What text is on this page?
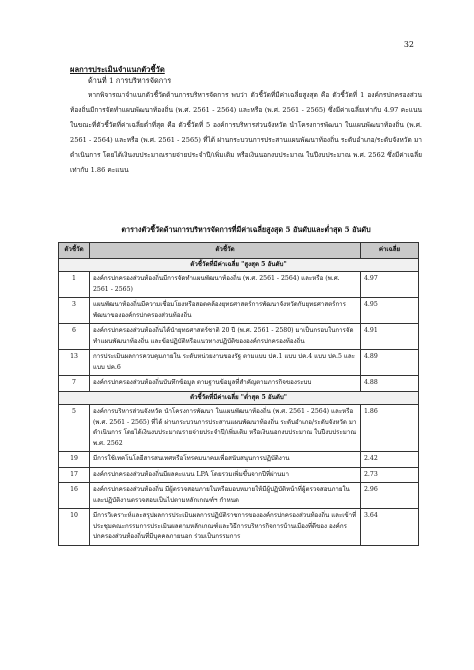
32
ผลการประเมินจำแนกตัวชี้วัด
ด้านที่ 1 การบริหารจัดการ

หากพิจารณาจำแนกตัวชี้วัดด้านการบริหารจัดการ พบว่า ตัวชี้วัดที่มีค่าเฉลี่ยสูงสุด คือ ตัวชี้วัดที่ 1 องค์กรปกครองส่วนท้องถิ่นมีการจัดทำแผนพัฒนาท้องถิ่น (พ.ศ. 2561 - 2564) และหรือ (พ.ศ. 2561 - 2565) ซึ่งมีค่าเฉลี่ยเท่ากับ 4.97 คะแนน ในขณะที่ตัวชี้วัดที่ค่าเฉลี่ยต่ำที่สุด คือ ตัวชี้วัดที่ 5 องค์การบริหารส่วนจังหวัด นำโครงการพัฒนา ในแผนพัฒนาท้องถิ่น (พ.ศ. 2561 - 2564) และหรือ (พ.ศ. 2561 - 2565) ที่ได้ ผ่านกระบวนการประสานแผนพัฒนาท้องถิ่น ระดับอำเภอ/ระดับจังหวัด มาดำเนินการ โดยได้เงินงบประมาณรายจ่ายประจำปี/เพิ่มเติม หรือเงินนอกงบประมาณ ในปีงบประมาณ พ.ศ. 2562 ซึ่งมีค่าเฉลี่ยเท่ากับ 1.86 คะแนน

ตารางตัวชี้วัดด้านการบริหารจัดการที่มีค่าเฉลี่ยสูงสุด 5 อันดับและต่ำสุด 5 อันดับ
ตัวชี้วัด	ตัวชี้วัด	ค่าเฉลี่ย
ตัวชี้วัดที่มีค่าเฉลี่ย "สูงสุด 5 อันดับ"		
1	องค์กรปกครองส่วนท้องถิ่นมีการจัดทำแผนพัฒนาท้องถิ่น (พ.ศ. 2561 - 2564) และหรือ (พ.ศ. 2561 - 2565)	4.97
3	แผนพัฒนาท้องถิ่นมีความเชื่อมโยงหรือสอดคล้องยุทธศาสตร์การพัฒนาจังหวัดกับยุทธศาสตร์การพัฒนาขององค์กรปกครองส่วนท้องถิ่น	4.95
6	องค์กรปกครองส่วนท้องถิ่นได้นำยุทธศาสตร์ชาติ 20 ปี (พ.ศ. 2561 - 2580) มาเป็นกรอบในการจัดทำแผนพัฒนาท้องถิ่น และข้อปฏิบัติหรือแนวทางปฏิบัติขององค์กรปกครองท้องถิ่น	4.91
13	การประเมินผลการควบคุมภายใน ระดับหน่วยงานของรัฐ ตามแบบ ปค.1 แบบ ปค.4 แบบ ปค.5 และแบบ ปค.6	4.89
7	องค์กรปกครองส่วนท้องถิ่นบันทึกข้อมูล ตามฐานข้อมูลที่สำคัญตามภารกิจของระบบ	4.88
ตัวชี้วัดที่มีค่าเฉลี่ย "ต่ำสุด 5 อันดับ"		
5	องค์การบริหารส่วนจังหวัด นำโครงการพัฒนา ในแผนพัฒนาท้องถิ่น (พ.ศ. 2561 - 2564) และหรือ (พ.ศ. 2561 - 2565) ที่ได้ ผ่านกระบวนการประสานแผนพัฒนาท้องถิ่น ระดับอำเภอ/ระดับจังหวัด มาดำเนินการ โดยได้เงินงบประมาณรายจ่ายประจำปี/เพิ่มเติม หรือเงินนอกงบประมาณ ในปีงบประมาณ พ.ศ. 2562	1.86
19	มีการใช้เทคโนโลยีสารสนเทศหรือโทรคมนาคมเพื่อสนับสนุนการปฏิบัติงาน	2.42
17	องค์กรปกครองส่วนท้องถิ่นมีผลคะแนน LPA โดยรวมเพิ่มขึ้นจากปีที่ผ่านมา	2.73
16	องค์กรปกครองส่วนท้องถิ่น มีผู้ตรวจสอบภายในหรือมอบหมายให้มีผู้ปฏิบัติหน้าที่ผู้ตรวจสอบภายในและปฏิบัติงานตรวจสอบเป็นไปตามหลักเกณฑ์ฯ กำหนด	2.96
10	มีการวิเคราะห์และสรุปผลการประเมินผลการปฏิบัติราชการขององค์กรปกครองส่วนท้องถิ่น และเข้าที่ประชุมคณะกรรมการประเมินผลตามหลักเกณฑ์และวิธีการบริหารกิจการบ้านเมืองที่ดีของ องค์กรปกครองส่วนท้องถิ่นที่มีบุคคลภายนอก ร่วมเป็นกรรมการ	3.64
